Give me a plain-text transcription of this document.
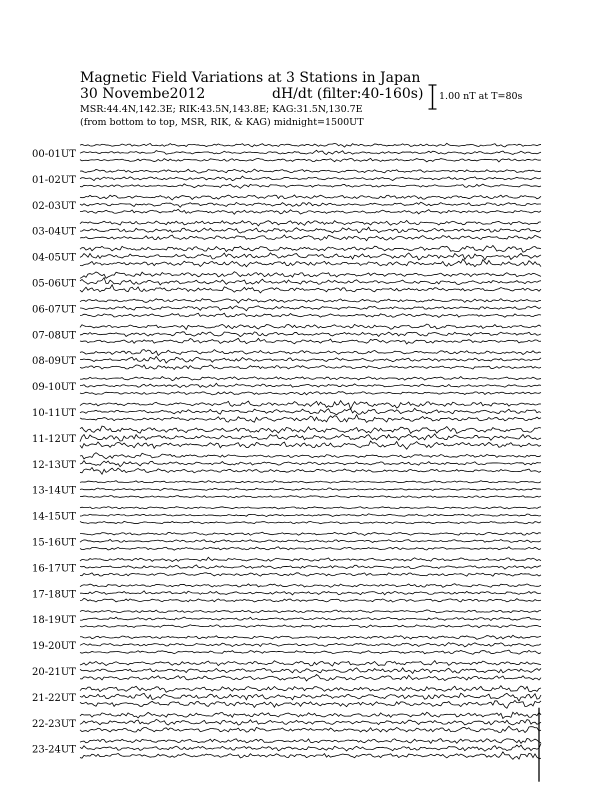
00-01UT
01-02UT
02-03UT
03-04UT
04-05UT
05-06UT
06-07UT
07-08UT
08-09UT
09-10UT
10-11UT
11-12UT
12-13UT
13-14UT
14-15UT
15-16UT
16-17UT
17-18UT
18-19UT
19-20UT
20-21UT
21-22UT
22-23UT
23-24UT
Magnetic Field Variations at 3 Stations in Japan
30 Novembe2012	dH/dt (filter:40-160s)
MSR:44.4N,142.3E; RIK:43.5N,143.8E; KAG:31.5N,130.7E
(from bottom to top, MSR, RIK, & KAG) midnight=1500UT
1.00 nT at T=80s
